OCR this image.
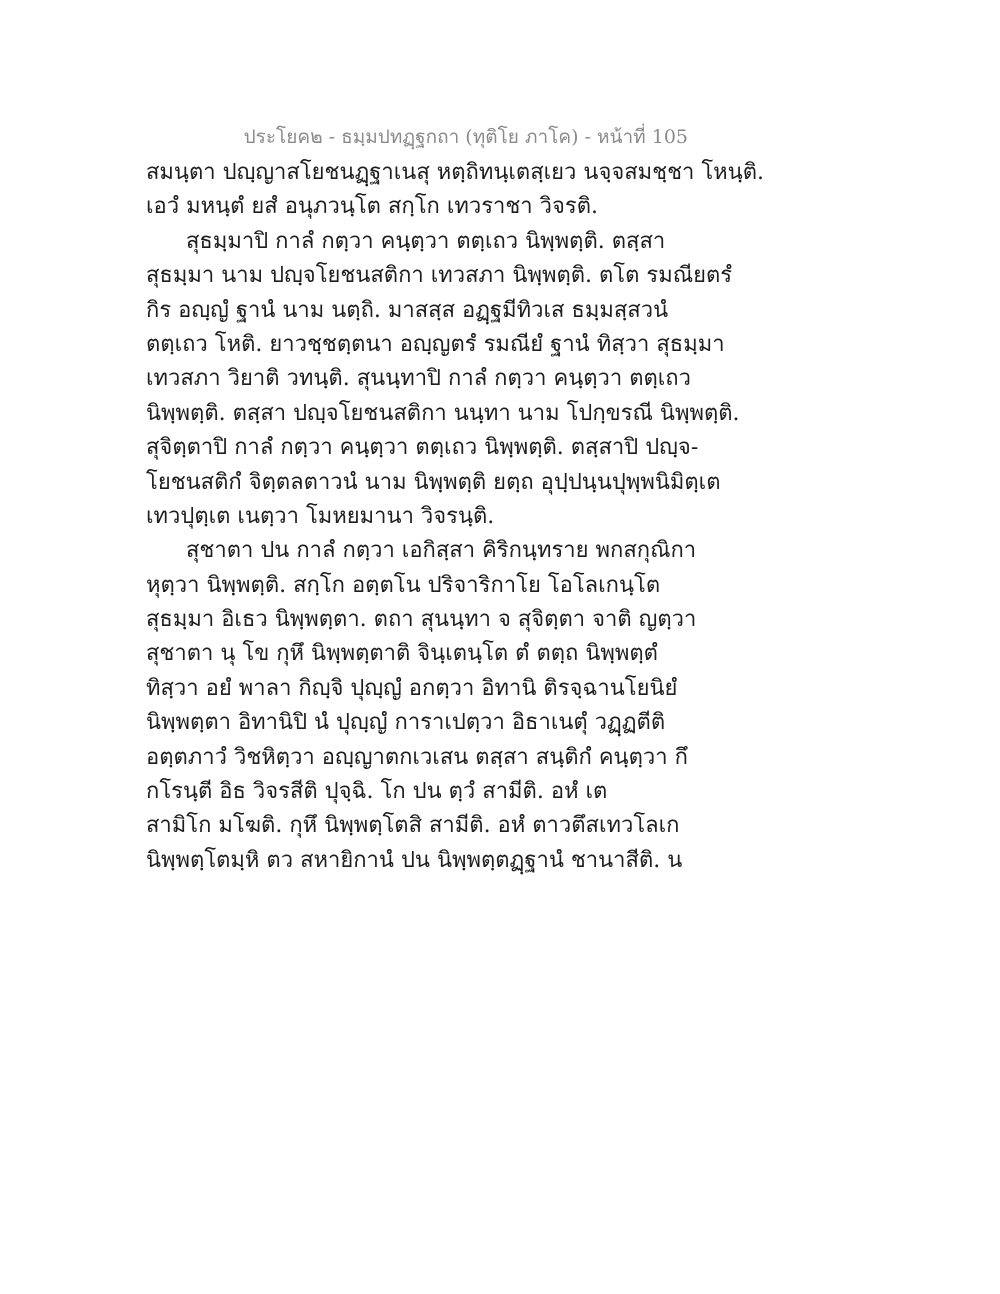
ประโยค๒ - ธมฺมปทฏฺฐกถา (ทุติโย ภาโค) - หน้าที่ 105
สมนฺตา ปญฺญาสโยชนฏฺฐาเนสุ หตฺถิทนฺเตสฺเยว นจฺจสมชฺชา โหนฺติ.
เอวํ มหนฺตํ ยสํ อนุภวนฺโต สกฺโก เทวราชา วิจรติ.
สุธมฺมาปิ กาลํ กตฺวา คนฺตฺวา ตตฺเถว นิพฺพตฺติ. ตสฺสา
สุธมฺมา นาม ปญฺจโยชนสติกา เทวสภา นิพฺพตฺติ. ตโต รมณียตรํ
กิร อญฺญํ ฐานํ นาม นตฺถิ. มาสสฺส อฏฺฐมีทิวเส ธมฺมสฺสวนํ
ตตฺเถว โหติ. ยาวชฺชตฺตนา อญฺญตรํ รมณียํ ฐานํ ทิสฺวา สุธมฺมา
เทวสภา วิยาติ วทนฺติ. สุนนฺทาปิ กาลํ กตฺวา คนฺตฺวา ตตฺเถว
นิพฺพตฺติ. ตสฺสา ปญฺจโยชนสติกา นนฺทา นาม โปกฺขรณี นิพฺพตฺติ.
สุจิตฺตาปิ กาลํ กตฺวา คนฺตฺวา ตตฺเถว นิพฺพตฺติ. ตสฺสาปิ ปญฺจ-
โยชนสติกํ จิตฺตลตาวนํ นาม นิพฺพตฺติ ยตฺถ อุปฺปนฺนปุพฺพนิมิตฺเต
เทวปุตฺเต เนตฺวา โมหยมานา วิจรนฺติ.
สุชาตา ปน กาลํ กตฺวา เอกิสฺสา คิริกนฺทราย พกสกุณิกา
หุตฺวา นิพฺพตฺติ. สกฺโก อตฺตโน ปริจาริกาโย โอโลเกนฺโต
สุธมฺมา อิเธว นิพฺพตฺตา. ตถา สุนนฺทา จ สุจิตฺตา จาติ ญตฺวา
สุชาตา นุ โข กุหึ นิพฺพตฺตาติ จินฺเตนฺโต ตํ ตตฺถ นิพฺพตฺตํ
ทิสฺวา อยํ พาลา กิญฺจิ ปุญฺญํ อกตฺวา อิทานิ ติรจฺฉานโยนิยํ
นิพฺพตฺตา อิทานิปิ นํ ปุญฺญํ การาเปตฺวา อิธาเนตุํ วฏฺฏตีติ
อตฺตภาวํ วิชหิตฺวา อญฺญาตกเวเสน ตสฺสา สนฺติกํ คนฺตฺวา กึ
กโรนฺตี อิธ วิจรสีติ ปุจฺฉิ. โก ปน ตฺวํ สามีติ. อหํ เต
สามิโก มโฆติ. กุหึ นิพฺพตฺโตสิ สามีติ. อหํ ตาวตึสเทวโลเก
นิพฺพตฺโตมฺหิ ตว สหายิกานํ ปน นิพฺพตฺตฏฺฐานํ ชานาสีติ. น
